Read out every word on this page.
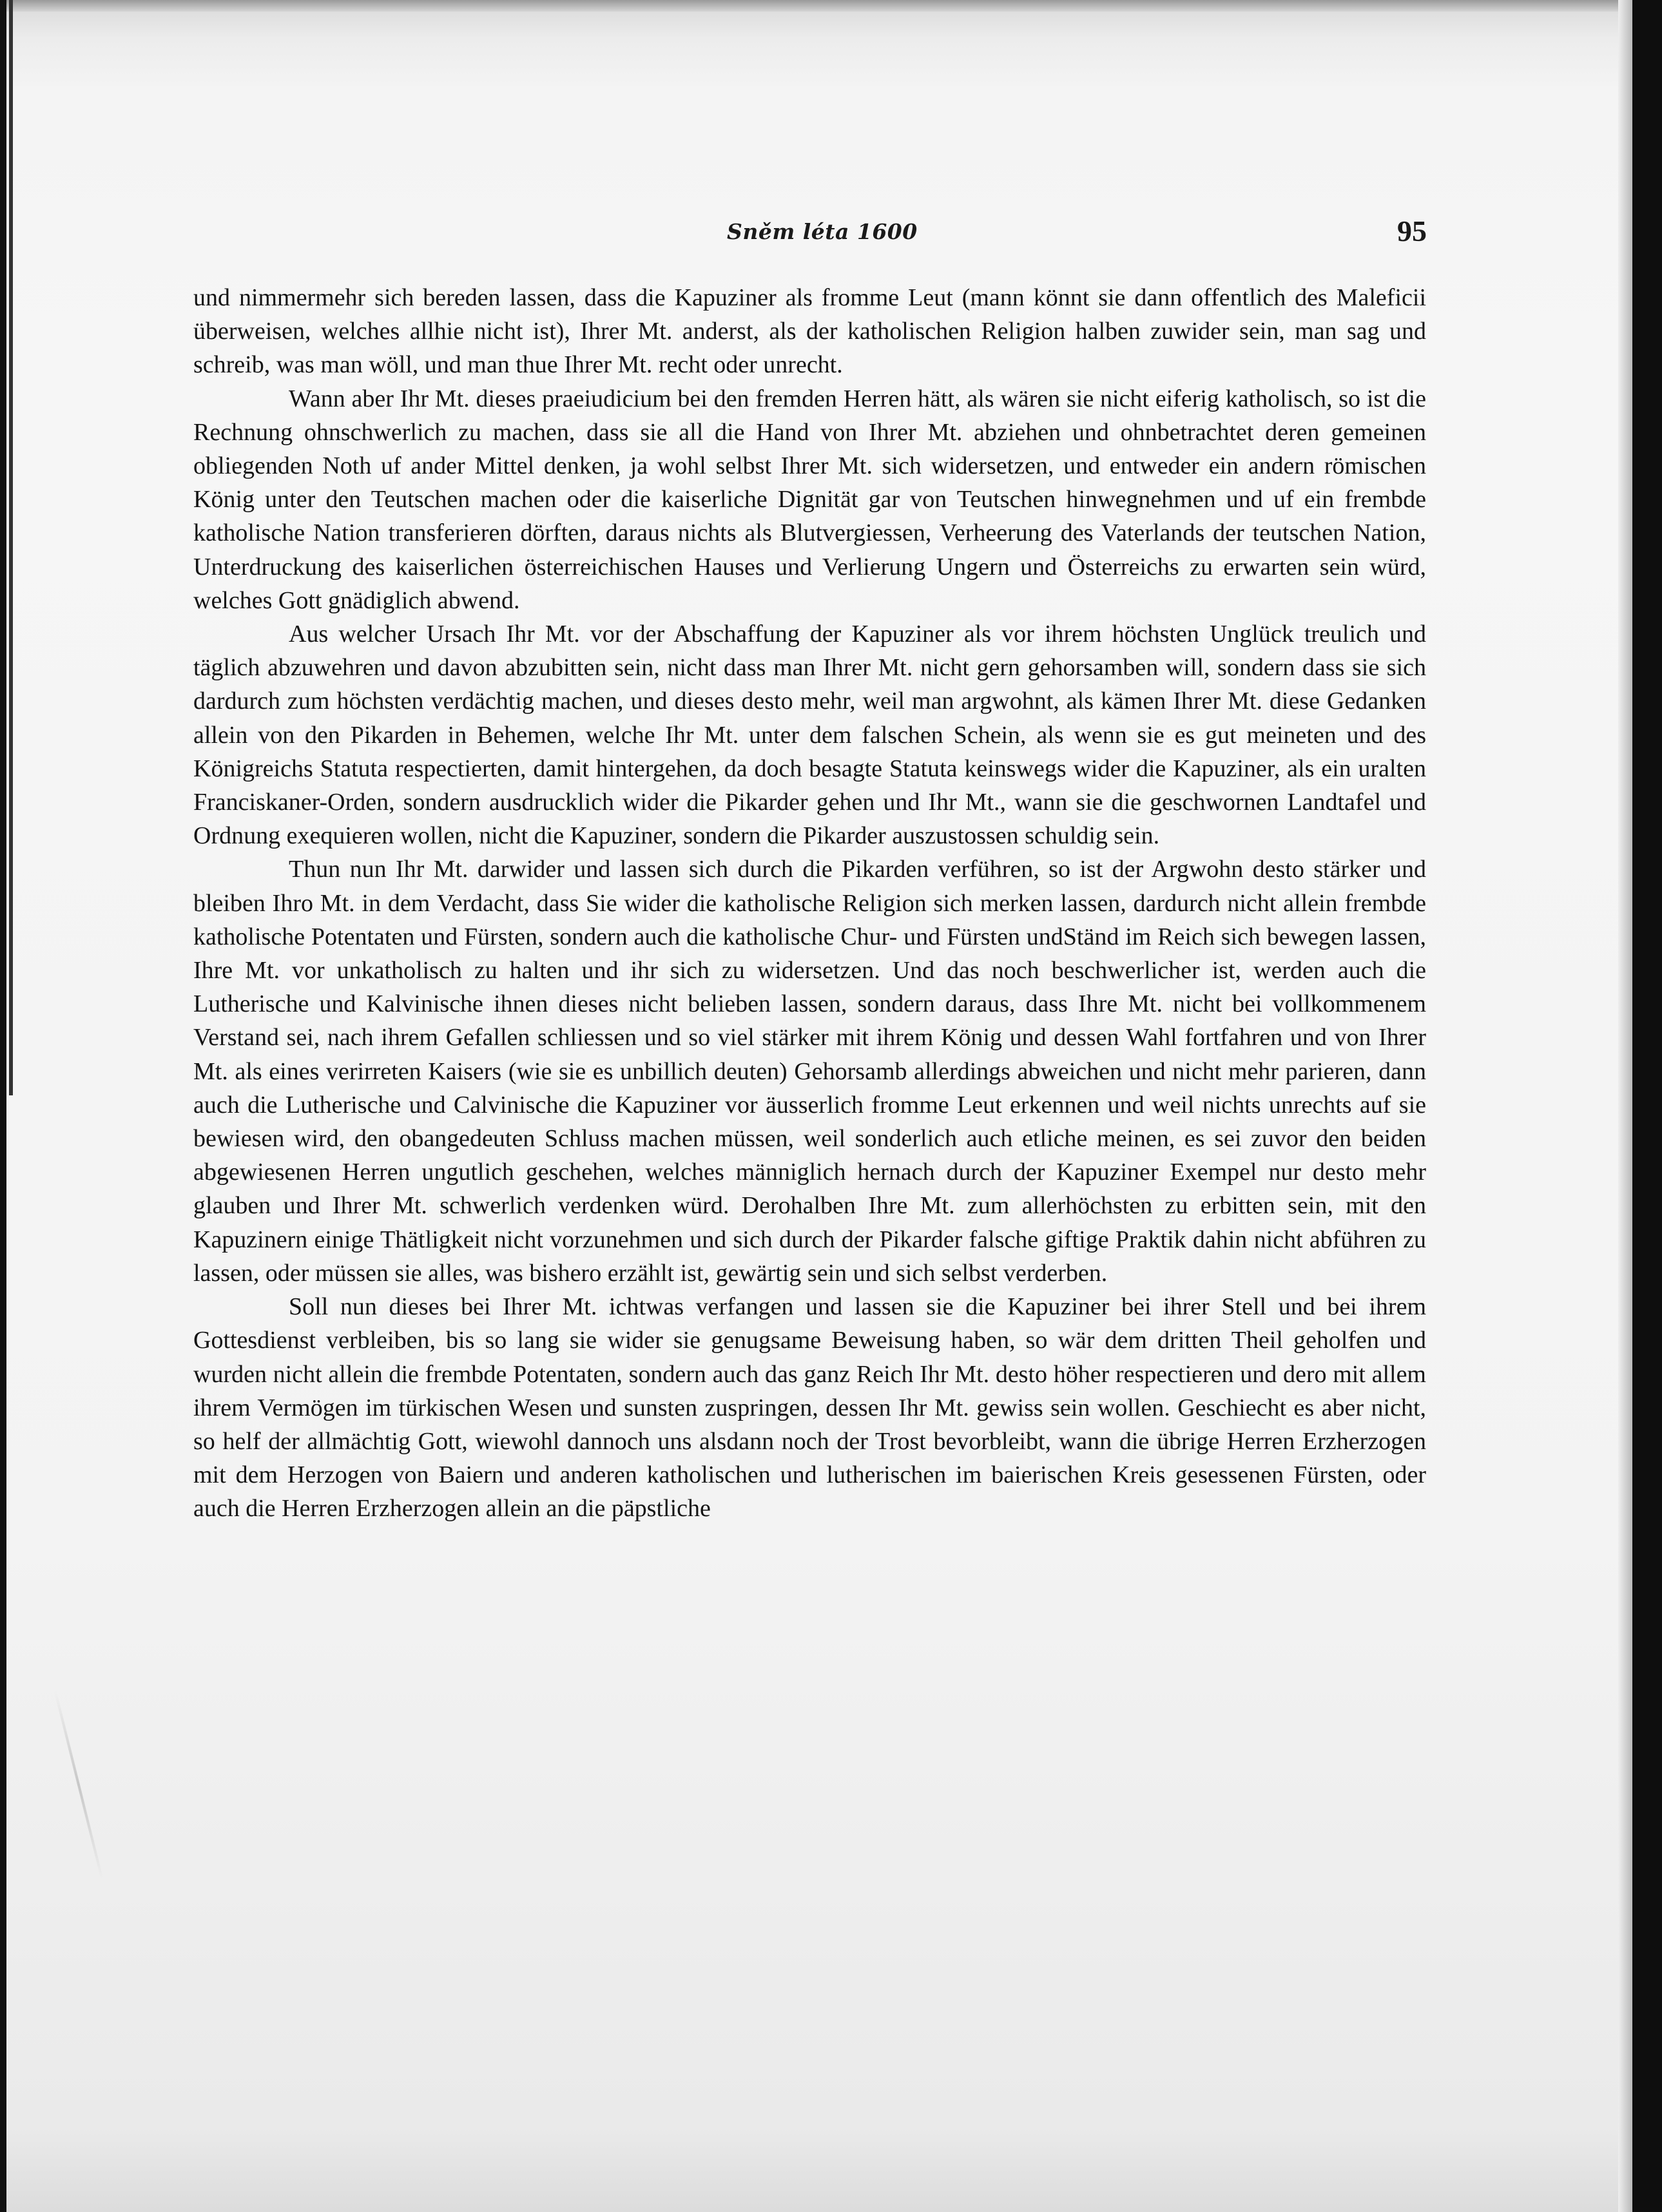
Sněm léta 1600	95

und nimmermehr sich bereden lassen, dass die Kapuziner als fromme Leut (mann könnt sie dann offentlich des Maleficii überweisen, welches allhie nicht ist), Ihrer Mt. anderst, als der katholischen Religion halben zuwider sein, man sag und schreib, was man wöll, und man thue Ihrer Mt. recht oder unrecht.

Wann aber Ihr Mt. dieses praeiudicium bei den fremden Herren hätt, als wären sie nicht eiferig katholisch, so ist die Rechnung ohnschwerlich zu machen, dass sie all die Hand von Ihrer Mt. abziehen und ohnbetrachtet deren gemeinen obliegenden Noth uf ander Mittel denken, ja wohl selbst Ihrer Mt. sich widersetzen, und entweder ein andern römischen König unter den Teutschen machen oder die kaiserliche Dignität gar von Teutschen hinwegnehmen und uf ein frembde katholische Nation transferieren dörften, daraus nichts als Blutvergiessen, Verheerung des Vaterlands der teutschen Nation, Unterdruckung des kaiserlichen österreichischen Hauses und Verlierung Ungern und Österreichs zu erwarten sein würd, welches Gott gnädiglich abwend.

Aus welcher Ursach Ihr Mt. vor der Abschaffung der Kapuziner als vor ihrem höchsten Unglück treulich und täglich abzuwehren und davon abzubitten sein, nicht dass man Ihrer Mt. nicht gern gehorsamben will, sondern dass sie sich dardurch zum höchsten verdächtig machen, und dieses desto mehr, weil man argwohnt, als kämen Ihrer Mt. diese Gedanken allein von den Pikarden in Behemen, welche Ihr Mt. unter dem falschen Schein, als wenn sie es gut meineten und des Königreichs Statuta respectierten, damit hintergehen, da doch besagte Statuta keinswegs wider die Kapuziner, als ein uralten Franciskaner-Orden, sondern ausdrucklich wider die Pikarder gehen und Ihr Mt., wann sie die geschwornen Landtafel und Ordnung exequieren wollen, nicht die Kapuziner, sondern die Pikarder auszustossen schuldig sein.

Thun nun Ihr Mt. darwider und lassen sich durch die Pikarden verführen, so ist der Argwohn desto stärker und bleiben Ihro Mt. in dem Verdacht, dass Sie wider die katholische Religion sich merken lassen, dardurch nicht allein frembde katholische Potentaten und Fürsten, sondern auch die katholische Chur- und Fürsten undStänd im Reich sich bewegen lassen, Ihre Mt. vor unkatholisch zu halten und ihr sich zu widersetzen. Und das noch beschwerlicher ist, werden auch die Lutherische und Kalvinische ihnen dieses nicht belieben lassen, sondern daraus, dass Ihre Mt. nicht bei vollkommenem Verstand sei, nach ihrem Gefallen schliessen und so viel stärker mit ihrem König und dessen Wahl fortfahren und von Ihrer Mt. als eines verirreten Kaisers (wie sie es unbillich deuten) Gehorsamb allerdings abweichen und nicht mehr parieren, dann auch die Lutherische und Calvinische die Kapuziner vor äusserlich fromme Leut erkennen und weil nichts unrechts auf sie bewiesen wird, den obangedeuten Schluss machen müssen, weil sonderlich auch etliche meinen, es sei zuvor den beiden abgewiesenen Herren ungutlich geschehen, welches männiglich hernach durch der Kapuziner Exempel nur desto mehr glauben und Ihrer Mt. schwerlich verdenken würd. Derohalben Ihre Mt. zum allerhöchsten zu erbitten sein, mit den Kapuzinern einige Thätligkeit nicht vorzunehmen und sich durch der Pikarder falsche giftige Praktik dahin nicht abführen zu lassen, oder müssen sie alles, was bishero erzählt ist, gewärtig sein und sich selbst verderben.

Soll nun dieses bei Ihrer Mt. ichtwas verfangen und lassen sie die Kapuziner bei ihrer Stell und bei ihrem Gottesdienst verbleiben, bis so lang sie wider sie genugsame Beweisung haben, so wär dem dritten Theil geholfen und wurden nicht allein die frembde Potentaten, sondern auch das ganz Reich Ihr Mt. desto höher respectieren und dero mit allem ihrem Vermögen im türkischen Wesen und sunsten zuspringen, dessen Ihr Mt. gewiss sein wollen. Geschiecht es aber nicht, so helf der allmächtig Gott, wiewohl dannoch uns alsdann noch der Trost bevorbleibt, wann die übrige Herren Erzherzogen mit dem Herzogen von Baiern und anderen katholischen und lutherischen im baierischen Kreis gesessenen Fürsten, oder auch die Herren Erzherzogen allein an die päpstliche
